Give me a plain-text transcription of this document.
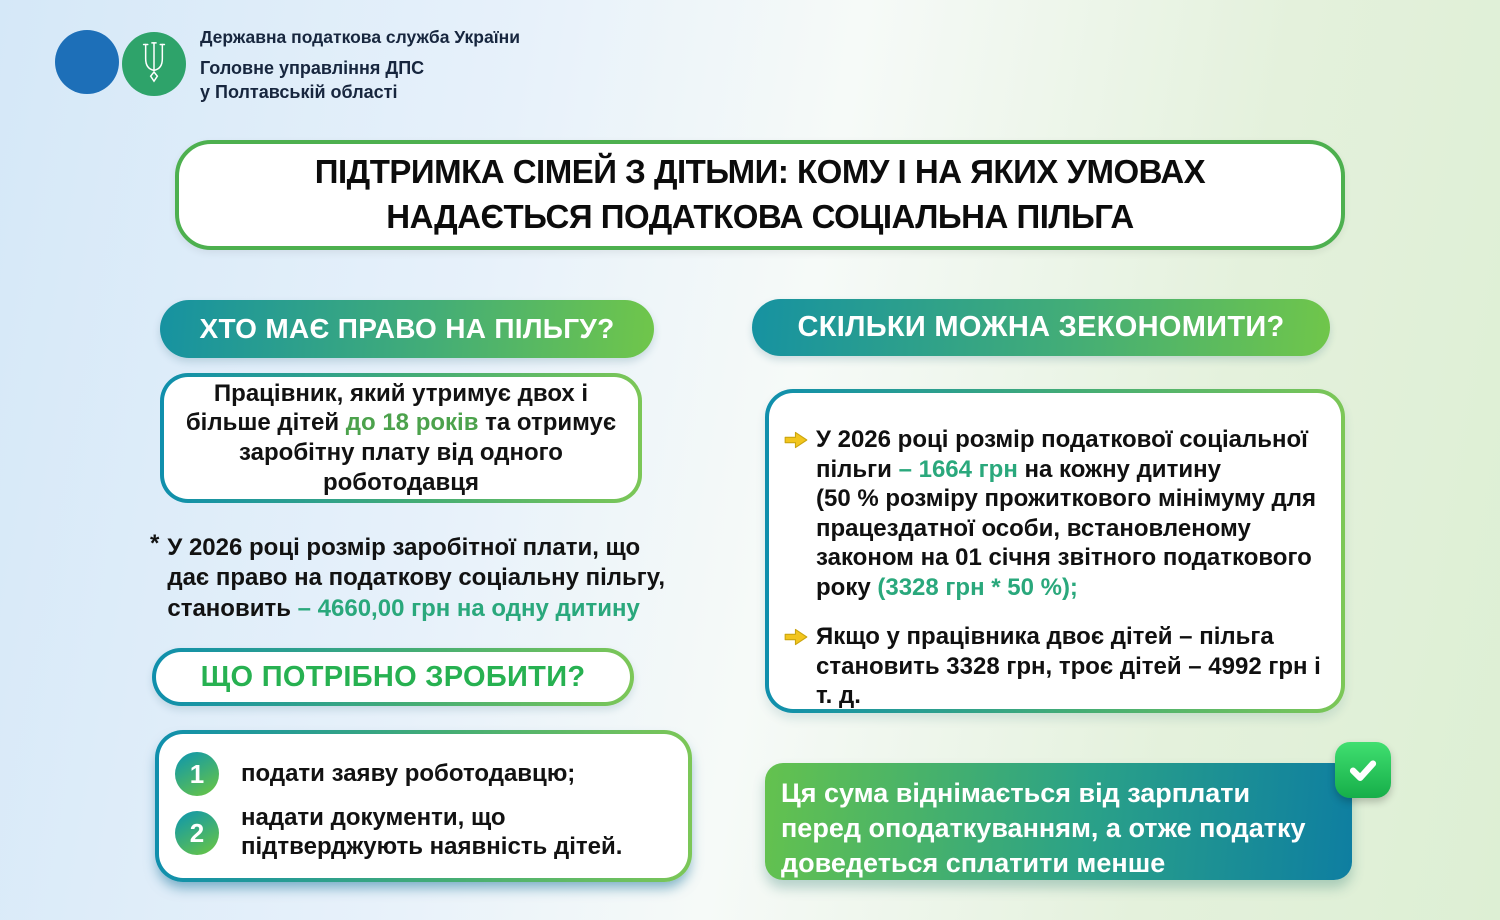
Державна податкова служба України
Головне управління ДПС
у Полтавській області
ПІДТРИМКА СІМЕЙ З ДІТЬМИ: КОМУ І НА ЯКИХ УМОВАХ
НАДАЄТЬСЯ ПОДАТКОВА СОЦІАЛЬНА ПІЛЬГА
ХТО МАЄ ПРАВО НА ПІЛЬГУ?
Працівник, який утримує двох і більше дітей до 18 років та отримує заробітну плату від одного роботодавця
* У 2026 році розмір заробітної плати, що дає право на податкову соціальну пільгу, становить – 4660,00 грн на одну дитину
ЩО ПОТРІБНО ЗРОБИТИ?
1	подати заяву роботодавцю;
2	надати документи, що підтверджують наявність дітей.
СКІЛЬКИ МОЖНА ЗЕКОНОМИТИ?
У 2026 році розмір податкової соціальної пільги – 1664 грн на кожну дитину
(50 % розміру прожиткового мінімуму для працездатної особи, встановленому законом на 01 січня звітного податкового року (3328 грн * 50 %);
Якщо у працівника двоє дітей – пільга становить 3328 грн, троє дітей – 4992 грн і т. д.
Ця сума віднімається від зарплати перед оподаткуванням, а отже податку доведеться сплатити менше
